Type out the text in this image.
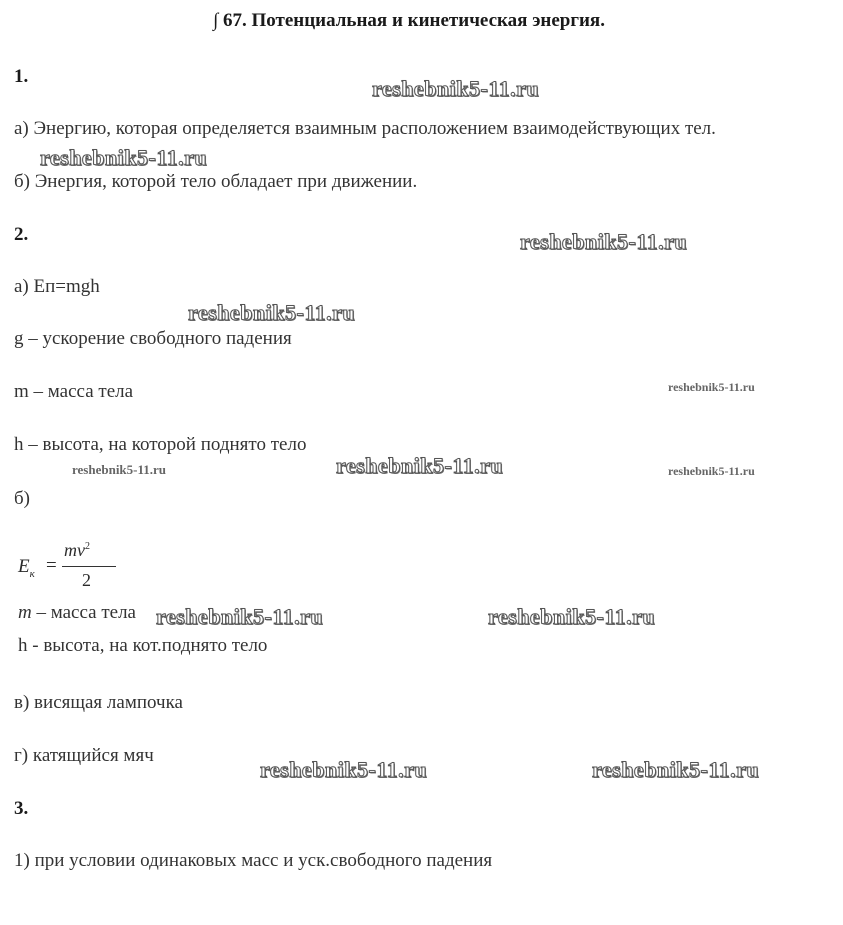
∫ 67. Потенциальная и кинетическая энергия.
1.
а) Энергию, которая определяется взаимным расположением взаимодействующих тел.
б) Энергия, которой тело обладает при движении.
2.
а) Еп=mgh
g – ускорение свободного падения
m – масса тела
h – высота, на которой поднято тело
б)
$E_к$ =
$mv^2$
2
m – масса тела
h - высота, на кот.поднято тело
в) висящая лампочка
г) катящийся мяч
3.
1) при условии одинаковых масс и уск.свободного падения
reshebnik5-11.ru
reshebnik5-11.ru
reshebnik5-11.ru
reshebnik5-11.ru
reshebnik5-11.ru
reshebnik5-11.ru	reshebnik5-11.ru	reshebnik5-11.ru
reshebnik5-11.ru	reshebnik5-11.ru
reshebnik5-11.ru	reshebnik5-11.ru
